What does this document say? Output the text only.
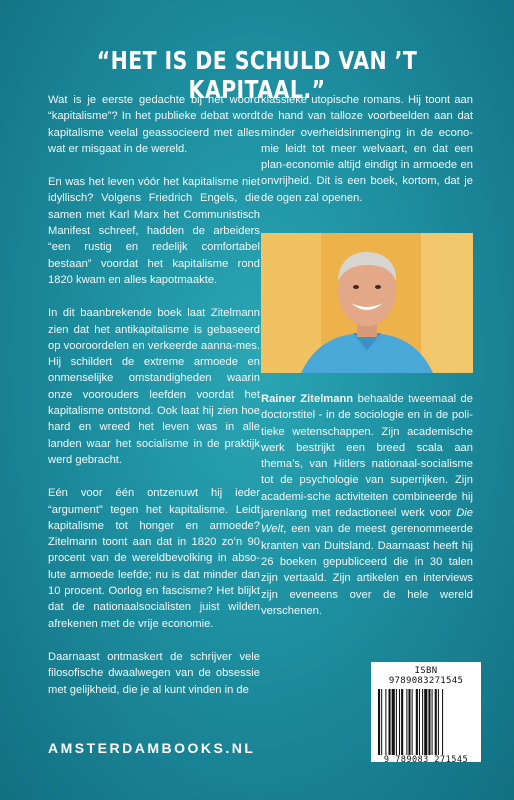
“HET IS DE SCHULD VAN ’T KAPITAAL.”

Wat is je eerste gedachte bij het woord “kapitalisme”? In het publieke debat wordt kapitalisme veelal geassocieerd met alles wat er misgaat in de wereld.

En was het leven vóór het kapitalisme niet idyllisch? Volgens Friedrich Engels, die samen met Karl Marx het Communistisch Manifest schreef, hadden de arbeiders “een rustig en redelijk comfortabel bestaan” voordat het kapitalisme rond 1820 kwam en alles kapotmaakte.

In dit baanbrekende boek laat Zitelmann zien dat het antikapitalisme is gebaseerd op vooroordelen en verkeerde aanna-mes. Hij schildert de extreme armoede en onmenselijke omstandigheden waarin onze voorouders leefden voordat het kapitalisme ontstond. Ook laat hij zien hoe hard en wreed het leven was in alle landen waar het socialisme in de praktijk werd gebracht.

Eén voor één ontzenuwt hij ieder “argument” tegen het kapitalisme. Leidt kapitalisme tot honger en armoede? Zitelmann toont aan dat in 1820 zo’n 90 procent van de wereldbevolking in abso-lute armoede leefde; nu is dat minder dan 10 procent. Oorlog en fascisme? Het blijkt dat de nationaalsocialisten juist wilden afrekenen met de vrije economie.

Daarnaast ontmaskert de schrijver vele filosofische dwaalwegen van de obsessie met gelijkheid, die je al kunt vinden in de

klassieke utopische romans. Hij toont aan de hand van talloze voorbeelden aan dat minder overheidsinmenging in de econo-mie leidt tot meer welvaart, en dat een plan-economie altijd eindigt in armoede en onvrijheid. Dit is een boek, kortom, dat je de ogen zal openen.

Rainer Zitelmann behaalde tweemaal de doctorstitel - in de sociologie en in de poli-tieke wetenschappen. Zijn academische werk bestrijkt een breed scala aan thema’s, van Hitlers nationaal-socialisme tot de psychologie van superrijken. Zijn academi-sche activiteiten combineerde hij jarenlang met redactioneel werk voor Die Welt, een van de meest gerenommeerde kranten van Duitsland. Daarnaast heeft hij 26 boeken gepubliceerd die in 30 talen zijn vertaald. Zijn artikelen en interviews zijn eveneens over de hele wereld verschenen.
ISBN 9789083271545
9 789083 271545
AMSTERDAMBOOKS.NL
